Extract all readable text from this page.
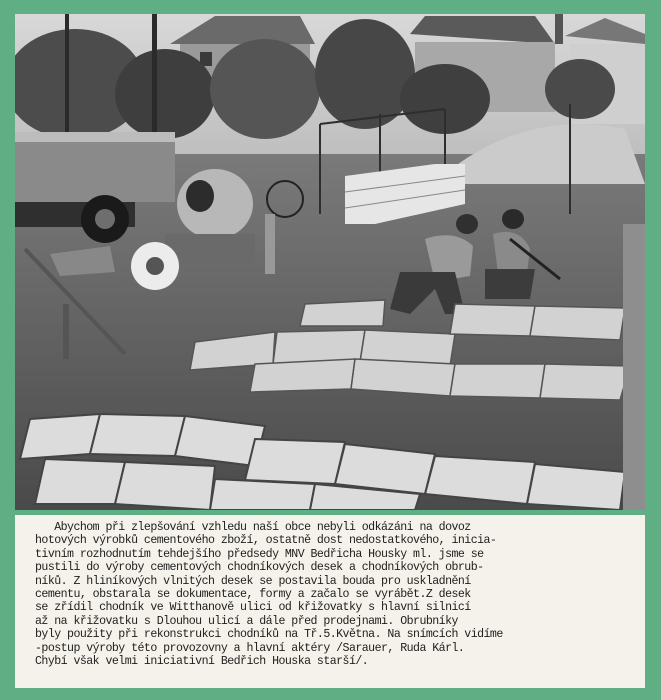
Abychom při zlepšování vzhledu naší obce nebyli odkázáni na dovoz
hotových výrobků cementového zboží, ostatně dost nedostatkového, inicia-
tivním rozhodnutím tehdejšího předsedy MNV Bedřicha Housky ml. jsme se
pustili do výroby cementových chodníkových desek a chodníkových obrub-
níků. Z hliníkových vlnitých desek se postavila bouda pro uskladnění
cementu, obstarala se dokumentace, formy a začalo se vyrábět.Z desek
se zřídil chodník ve Witthanově ulici od křižovatky s hlavní silnicí
až na křižovatku s Dlouhou ulicí a dále před prodejnami. Obrubníky
byly použity při rekonstrukci chodníků na Tř.5.Května. Na snímcích vidíme
-postup výroby této provozovny a hlavní aktéry /Sarauer, Ruda Kárl.
Chybí však velmi iniciativní Bedřich Houska starší/.
